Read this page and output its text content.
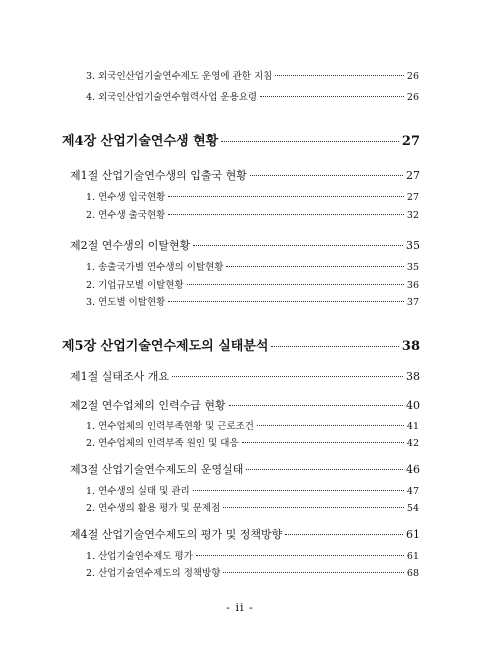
3. 외국인산업기술연수제도 운영에 관한 지침	26
4. 외국인산업기술연수협력사업 운용요령	26
제4장 산업기술연수생 현황	27
제1절 산업기술연수생의 입출국 현황	27
1. 연수생 입국현황	27
2. 연수생 출국현황	32
제2절 연수생의 이탈현황	35
1. 송출국가별 연수생의 이탈현황	35
2. 기업규모별 이탈현황	36
3. 연도별 이탈현황	37
제5장 산업기술연수제도의 실태분석	38
제1절 실태조사 개요	38
제2절 연수업체의 인력수급 현황	40
1. 연수업체의 인력부족현황 및 근로조건	41
2. 연수업체의 인력부족 원인 및 대응	42
제3절 산업기술연수제도의 운영실태	46
1. 연수생의 실태 및 관리	47
2. 연수생의 활용 평가 및 문제점	54
제4절 산업기술연수제도의 평가 및 정책방향	61
1. 산업기술연수제도 평가	61
2. 산업기술연수제도의 정책방향	68
- ii -
